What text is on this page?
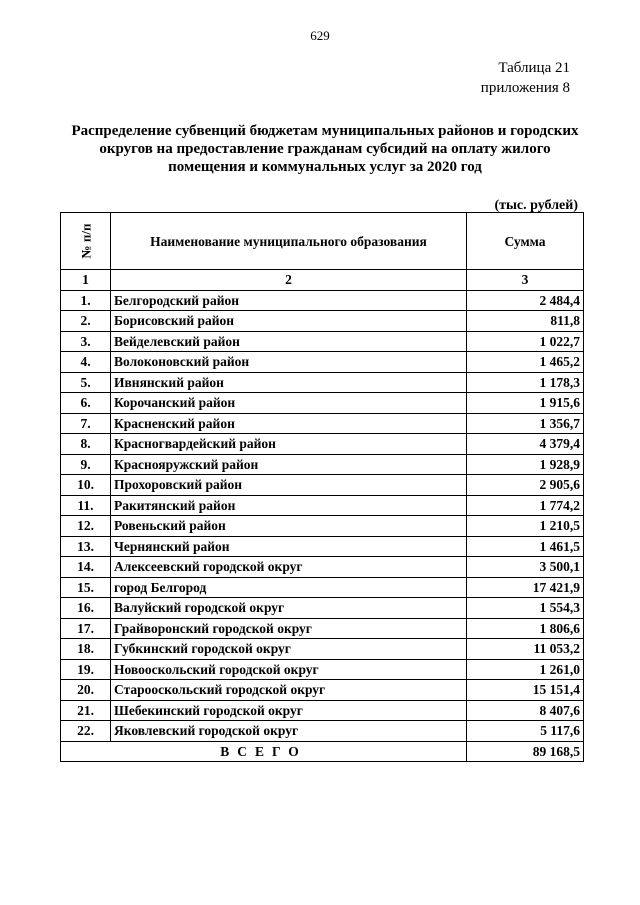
629
Таблица 21
приложения 8
Распределение субвенций бюджетам муниципальных районов и городских
округов на предоставление гражданам субсидий на оплату жилого
помещения и коммунальных услуг за 2020 год
(тыс. рублей)
№ п/п	Наименование муниципального образования	Сумма
1	2	3
1.	Белгородский район	2 484,4
2.	Борисовский район	811,8
3.	Вейделевский район	1 022,7
4.	Волоконовский район	1 465,2
5.	Ивнянский район	1 178,3
6.	Корочанский район	1 915,6
7.	Красненский район	1 356,7
8.	Красногвардейский район	4 379,4
9.	Краснояружский район	1 928,9
10.	Прохоровский район	2 905,6
11.	Ракитянский район	1 774,2
12.	Ровеньский район	1 210,5
13.	Чернянский район	1 461,5
14.	Алексеевский городской округ	3 500,1
15.	город Белгород	17 421,9
16.	Валуйский городской округ	1 554,3
17.	Грайворонский городской округ	1 806,6
18.	Губкинский городской округ	11 053,2
19.	Новооскольский городской округ	1 261,0
20.	Старооскольский городской округ	15 151,4
21.	Шебекинский городской округ	8 407,6
22.	Яковлевский городской округ	5 117,6
ВСЕГО		89 168,5
